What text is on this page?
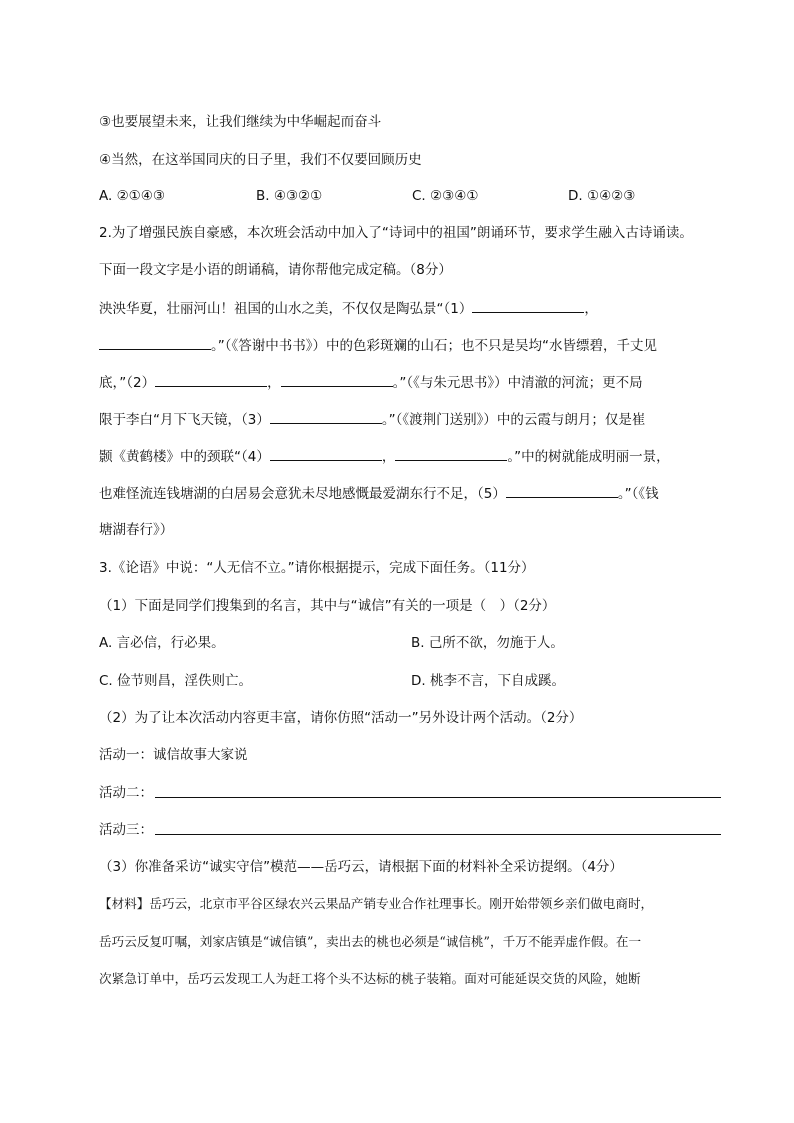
③也要展望未来，让我们继续为中华崛起而奋斗
④当然，在这举国同庆的日子里，我们不仅要回顾历史
A. ②①④③	B. ④③②①	C. ②③④①	D. ①④②③
2.为了增强民族自豪感，本次班会活动中加入了“诗词中的祖国”朗诵环节，要求学生融入古诗诵读。
下面一段文字是小语的朗诵稿，请你帮他完成定稿。（8分）
泱泱华夏，壮丽河山！祖国的山水之美，不仅仅是陶弘景“（1）	，
。”（《答谢中书书》）中的色彩斑斓的山石；也不只是吴均“水皆缥碧，千丈见
底，”（2）	，	。”（《与朱元思书》）中清澈的河流；更不局
限于李白“月下飞天镜，（3）	。”（《渡荆门送别》）中的云霞与朗月；仅是崔
颢《黄鹤楼》中的颈联“（4）	，	。”中的树就能成明丽一景，
也难怪流连钱塘湖的白居易会意犹未尽地感慨最爱湖东行不足，（5）	。”（《钱
塘湖春行》）
3.《论语》中说：“人无信不立。”请你根据提示，完成下面任务。（11分）
（1）下面是同学们搜集到的名言，其中与“诚信”有关的一项是（　）（2分）
A. 言必信，行必果。	B. 己所不欲，勿施于人。
C. 俭节则昌，淫佚则亡。	D. 桃李不言，下自成蹊。
（2）为了让本次活动内容更丰富，请你仿照“活动一”另外设计两个活动。（2分）
活动一：诚信故事大家说
活动二：
活动三：
（3）你准备采访“诚实守信”模范——岳巧云，请根据下面的材料补全采访提纲。（4分）
【材料】岳巧云，北京市平谷区绿农兴云果品产销专业合作社理事长。刚开始带领乡亲们做电商时，
岳巧云反复叮嘱，刘家店镇是“诚信镇”，卖出去的桃也必须是“诚信桃”，千万不能弄虚作假。在一
次紧急订单中，岳巧云发现工人为赶工将个头不达标的桃子装箱。面对可能延误交货的风险，她断
